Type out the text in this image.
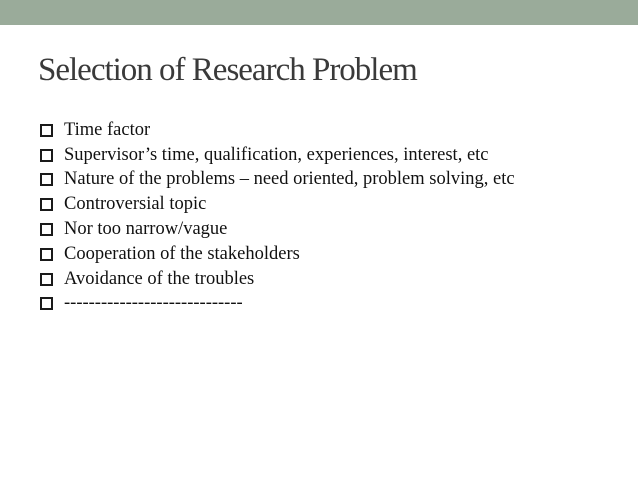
Selection of Research Problem
Time factor
Supervisor’s time, qualification, experiences, interest, etc
Nature of the problems – need oriented, problem solving, etc
Controversial topic
Nor too narrow/vague
Cooperation of the stakeholders
Avoidance of the troubles
-----------------------------
